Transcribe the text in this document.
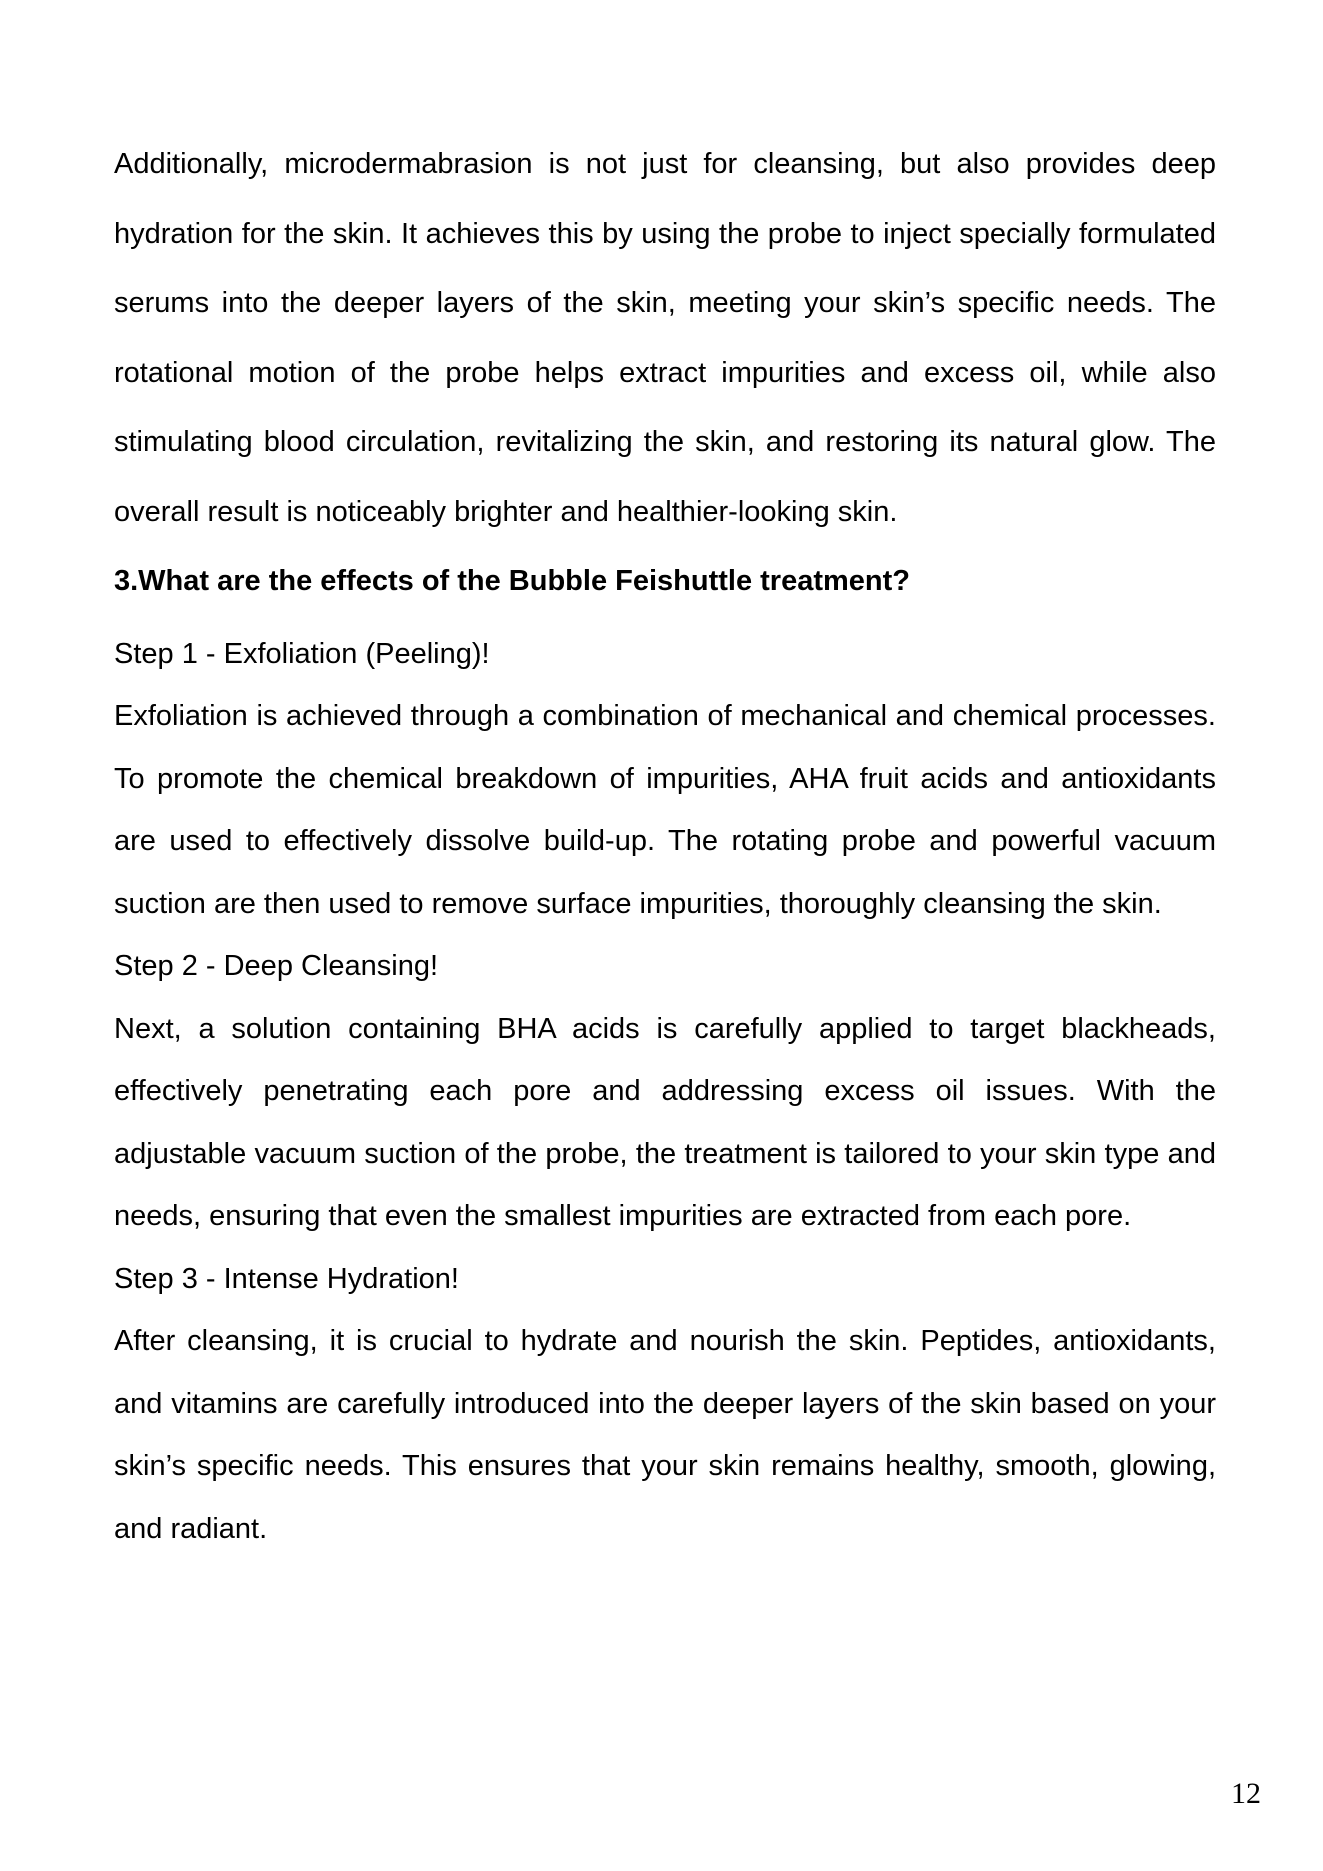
Additionally, microdermabrasion is not just for cleansing, but also provides deep hydration for the skin. It achieves this by using the probe to inject specially formulated serums into the deeper layers of the skin, meeting your skin’s specific needs. The rotational motion of the probe helps extract impurities and excess oil, while also stimulating blood circulation, revitalizing the skin, and restoring its natural glow. The overall result is noticeably brighter and healthier-looking skin.

3.What are the effects of the Bubble Feishuttle treatment?

Step 1 - Exfoliation (Peeling)!

Exfoliation is achieved through a combination of mechanical and chemical processes. To promote the chemical breakdown of impurities, AHA fruit acids and antioxidants are used to effectively dissolve build-up. The rotating probe and powerful vacuum suction are then used to remove surface impurities, thoroughly cleansing the skin.

Step 2 - Deep Cleansing!

Next, a solution containing BHA acids is carefully applied to target blackheads, effectively penetrating each pore and addressing excess oil issues. With the adjustable vacuum suction of the probe, the treatment is tailored to your skin type and needs, ensuring that even the smallest impurities are extracted from each pore.

Step 3 - Intense Hydration!

After cleansing, it is crucial to hydrate and nourish the skin. Peptides, antioxidants, and vitamins are carefully introduced into the deeper layers of the skin based on your skin’s specific needs. This ensures that your skin remains healthy, smooth, glowing, and radiant.

12
